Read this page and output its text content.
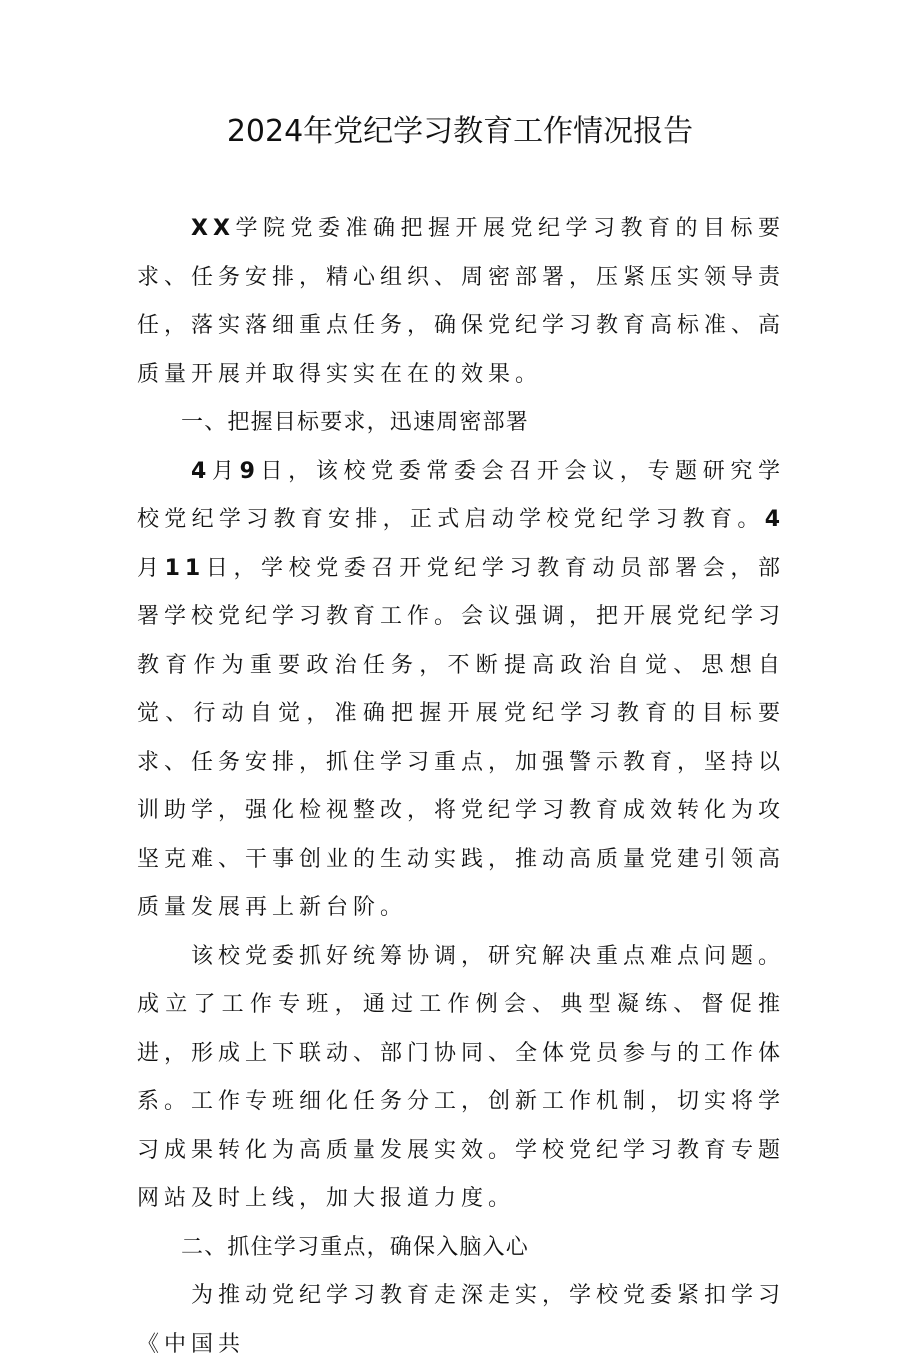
2024年党纪学习教育工作情况报告

XX学院党委准确把握开展党纪学习教育的目标要求、任务安排，精心组织、周密部署，压紧压实领导责任，落实落细重点任务，确保党纪学习教育高标准、高质量开展并取得实实在在的效果。

一、把握目标要求，迅速周密部署

4月9日，该校党委常委会召开会议，专题研究学校党纪学习教育安排，正式启动学校党纪学习教育。4月11日，学校党委召开党纪学习教育动员部署会，部署学校党纪学习教育工作。会议强调，把开展党纪学习教育作为重要政治任务，不断提高政治自觉、思想自觉、行动自觉，准确把握开展党纪学习教育的目标要求、任务安排，抓住学习重点，加强警示教育，坚持以训助学，强化检视整改，将党纪学习教育成效转化为攻坚克难、干事创业的生动实践，推动高质量党建引领高质量发展再上新台阶。

该校党委抓好统筹协调，研究解决重点难点问题。成立了工作专班，通过工作例会、典型凝练、督促推进，形成上下联动、部门协同、全体党员参与的工作体系。工作专班细化任务分工，创新工作机制，切实将学习成果转化为高质量发展实效。学校党纪学习教育专题网站及时上线，加大报道力度。

二、抓住学习重点，确保入脑入心

为推动党纪学习教育走深走实，学校党委紧扣学习《中国共
